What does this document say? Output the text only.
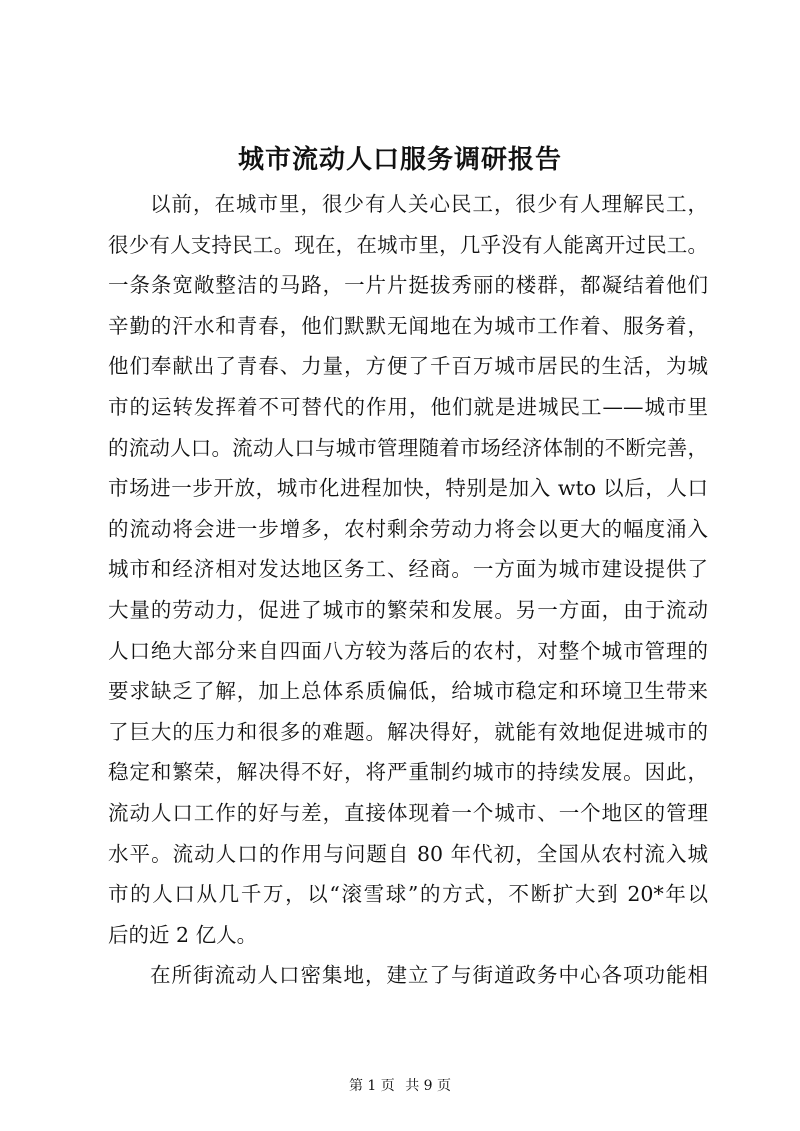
城市流动人口服务调研报告
以前，在城市里，很少有人关心民工，很少有人理解民工，
很少有人支持民工。现在，在城市里，几乎没有人能离开过民工。
一条条宽敞整洁的马路，一片片挺拔秀丽的楼群，都凝结着他们
辛勤的汗水和青春，他们默默无闻地在为城市工作着、服务着，
他们奉献出了青春、力量，方便了千百万城市居民的生活，为城
市的运转发挥着不可替代的作用，他们就是进城民工——城市里
的流动人口。流动人口与城市管理随着市场经济体制的不断完善，
市场进一步开放，城市化进程加快，特别是加入 wto 以后，人口
的流动将会进一步增多，农村剩余劳动力将会以更大的幅度涌入
城市和经济相对发达地区务工、经商。一方面为城市建设提供了
大量的劳动力，促进了城市的繁荣和发展。另一方面，由于流动
人口绝大部分来自四面八方较为落后的农村，对整个城市管理的
要求缺乏了解，加上总体系质偏低，给城市稳定和环境卫生带来
了巨大的压力和很多的难题。解决得好，就能有效地促进城市的
稳定和繁荣，解决得不好，将严重制约城市的持续发展。因此，
流动人口工作的好与差，直接体现着一个城市、一个地区的管理
水平。流动人口的作用与问题自 80 年代初，全国从农村流入城
市的人口从几千万，以“滚雪球”的方式，不断扩大到 20*年以
后的近 2 亿人。
在所街流动人口密集地，建立了与街道政务中心各项功能相
第 1 页 共 9 页
